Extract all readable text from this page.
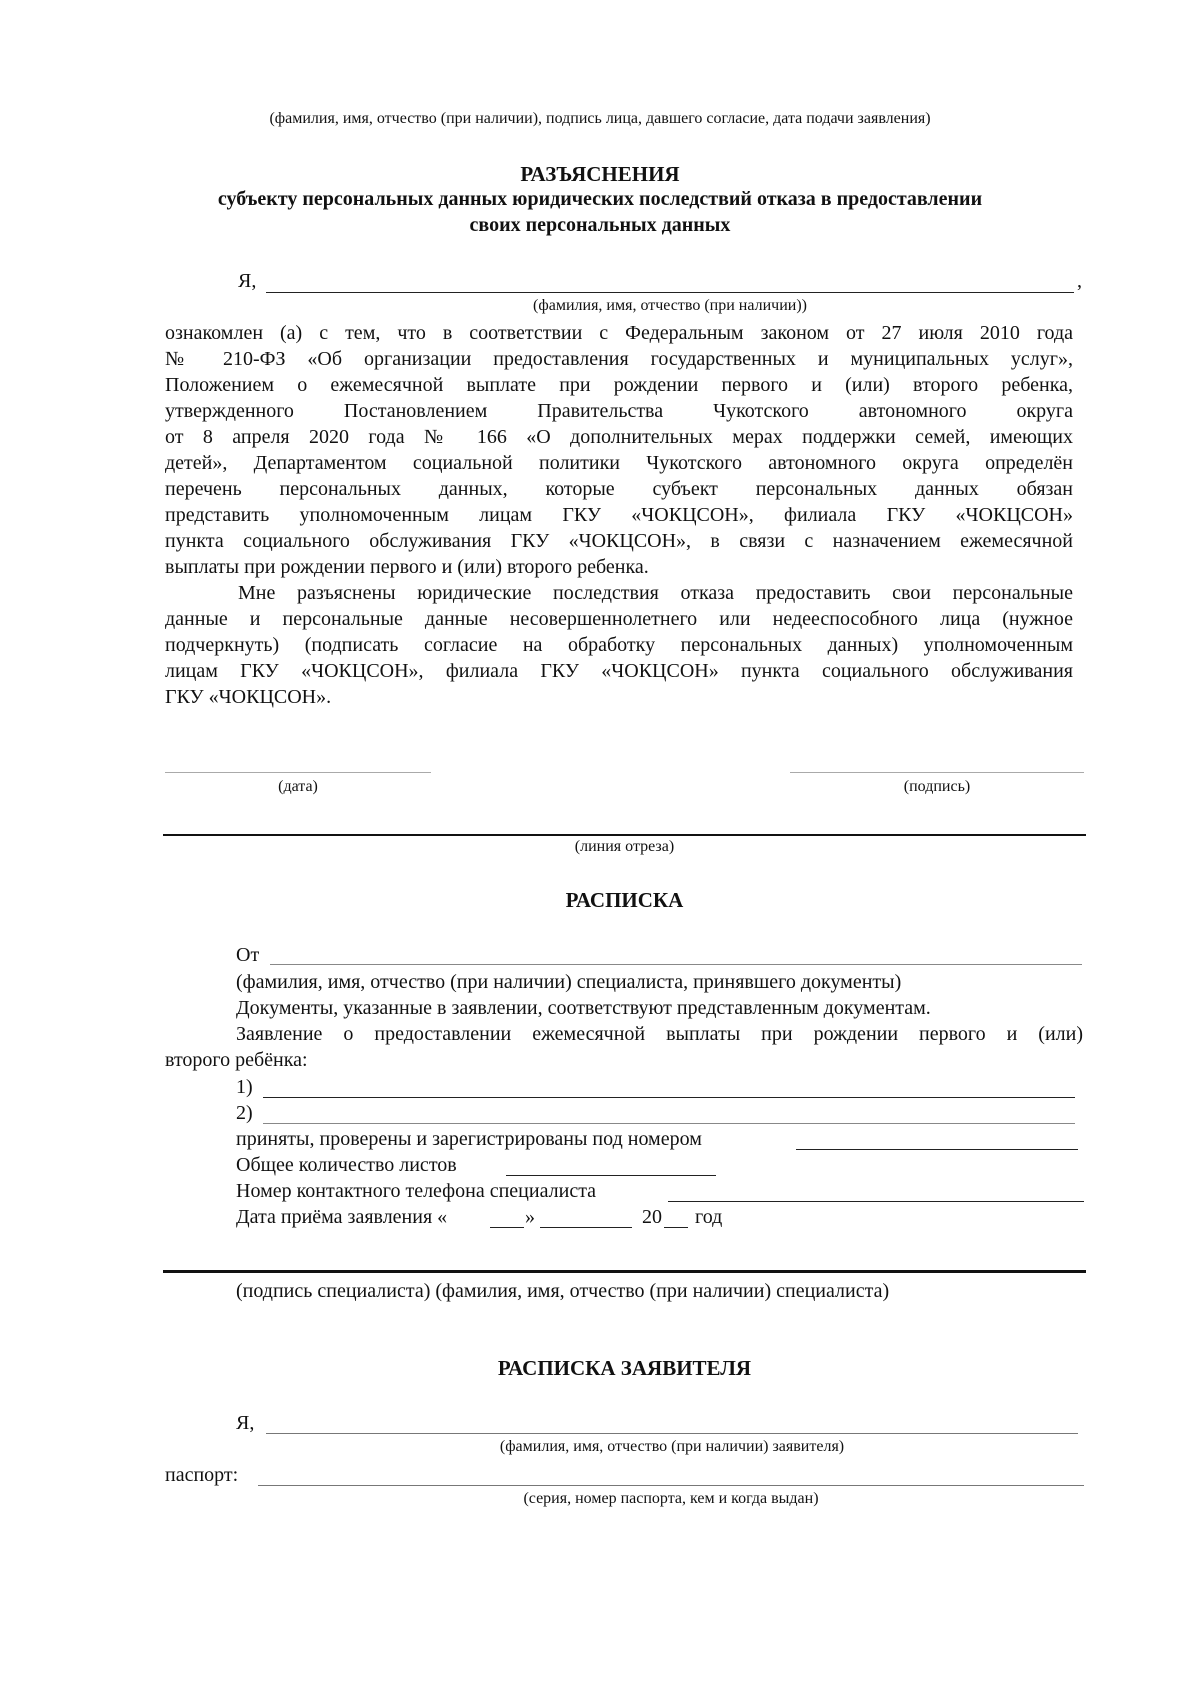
(фамилия, имя, отчество (при наличии), подпись лица, давшего согласие, дата подачи заявления)
РАЗЪЯСНЕНИЯ
субъекту персональных данных юридических последствий отказа в предоставлении
своих персональных данных
Я,	,
(фамилия, имя, отчество (при наличии))
ознакомлен (а) с тем, что в соответствии с Федеральным законом от 27 июля 2010 года
№ 210-ФЗ «Об организации предоставления государственных и муниципальных услуг»,
Положением о ежемесячной выплате при рождении первого и (или) второго ребенка,
утвержденного Постановлением Правительства Чукотского автономного округа
от 8 апреля 2020 года № 166 «О дополнительных мерах поддержки семей, имеющих
детей», Департаментом социальной политики Чукотского автономного округа определён
перечень персональных данных, которые субъект персональных данных обязан
представить уполномоченным лицам ГКУ «ЧОКЦСОН», филиала ГКУ «ЧОКЦСОН»
пункта социального обслуживания ГКУ «ЧОКЦСОН», в связи с назначением ежемесячной
выплаты при рождении первого и (или) второго ребенка.
Мне разъяснены юридические последствия отказа предоставить свои персональные
данные и персональные данные несовершеннолетнего или недееспособного лица (нужное
подчеркнуть) (подписать согласие на обработку персональных данных) уполномоченным
лицам ГКУ «ЧОКЦСОН», филиала ГКУ «ЧОКЦСОН» пункта социального обслуживания
ГКУ «ЧОКЦСОН».
(дата)	(подпись)
(линия отреза)
РАСПИСКА
От
(фамилия, имя, отчество (при наличии) специалиста, принявшего документы)
Документы, указанные в заявлении, соответствуют представленным документам.
Заявление о предоставлении ежемесячной выплаты при рождении первого и (или)
второго ребёнка:
1)
2)
приняты, проверены и зарегистрированы под номером
Общее количество листов
Номер контактного телефона специалиста
Дата приёма заявления «	»	20 год
(подпись специалиста) (фамилия, имя, отчество (при наличии) специалиста)
РАСПИСКА ЗАЯВИТЕЛЯ
Я,
(фамилия, имя, отчество (при наличии) заявителя)
паспорт:
(серия, номер паспорта, кем и когда выдан)
